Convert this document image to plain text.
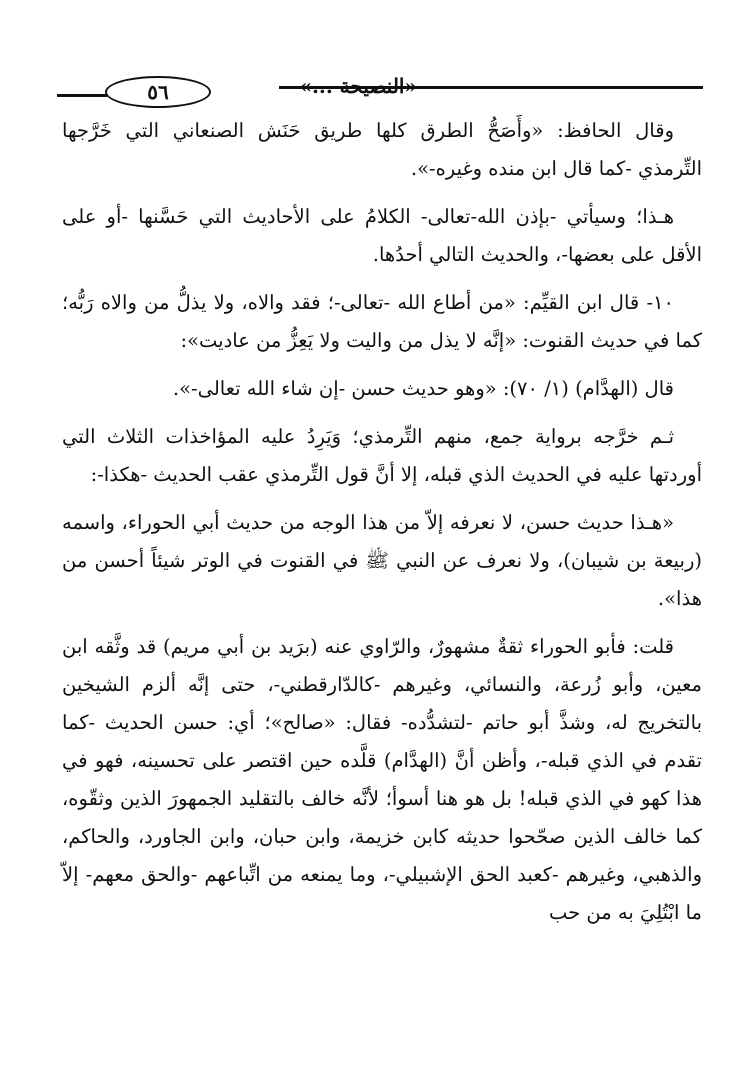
٥٦	«النصيحة ...»

وقال الحافظ: «وأَصَحُّ الطرق كلها طريق حَنَش الصنعاني التي خَرَّجها التِّرمذي -كما قال ابن منده وغيره-».

هـذا؛ وسيأتي -بإذن الله-تعالى- الكلامُ على الأحاديث التي حَسَّنها -أو على الأقل على بعضها-، والحديث التالي أحدُها.

١٠- قال ابن القيِّم: «من أطاع الله -تعالى-؛ فقد والاه، ولا يذلُّ من والاه رَبُّه؛ كما في حديث القنوت: «إنَّه لا يذل من واليت ولا يَعِزُّ من عاديت»:

قال (الهدَّام) (١/ ٧٠): «وهو حديث حسن -إن شاء الله تعالى-».

ثـم خرَّجه برواية جمع، منهم التِّرمذي؛ وَيَرِدُ عليه المؤاخذات الثلاث التي أوردتها عليه في الحديث الذي قبله، إلا أنَّ قول التِّرمذي عقب الحديث -هكذا-:

«هـذا حديث حسن، لا نعرفه إلاّ من هذا الوجه من حديث أبي الحوراء، واسمه (ربيعة بن شيبان)، ولا نعرف عن النبي ﷺ في القنوت في الوتر شيئاً أحسن من هذا».

قلت: فأبو الحوراء ثقةٌ مشهورٌ، والرّاوي عنه (برَيد بن أبي مريم) قد وثَّقه ابن معين، وأبو زُرعة، والنسائي، وغيرهم -كالدّارقطني-، حتى إنَّه ألزم الشيخين بالتخريج له، وشذَّ أبو حاتم -لتشدُّده- فقال: «صالح»؛ أي: حسن الحديث -كما تقدم في الذي قبله-، وأظن أنَّ (الهدَّام) قلَّده حين اقتصر على تحسينه، فهو في هذا كهو في الذي قبله! بل هو هنا أسوأ؛ لأنَّه خالف بالتقليد الجمهورَ الذين وثقّوه، كما خالف الذين صحّحوا حديثه كابن خزيمة، وابن حبان، وابن الجاورد، والحاكم، والذهبي، وغيرهم -كعبد الحق الإشبيلي-، وما يمنعه من اتِّباعهم -والحق معهم- إلاّ ما ابْتُلِيَ به من حب
